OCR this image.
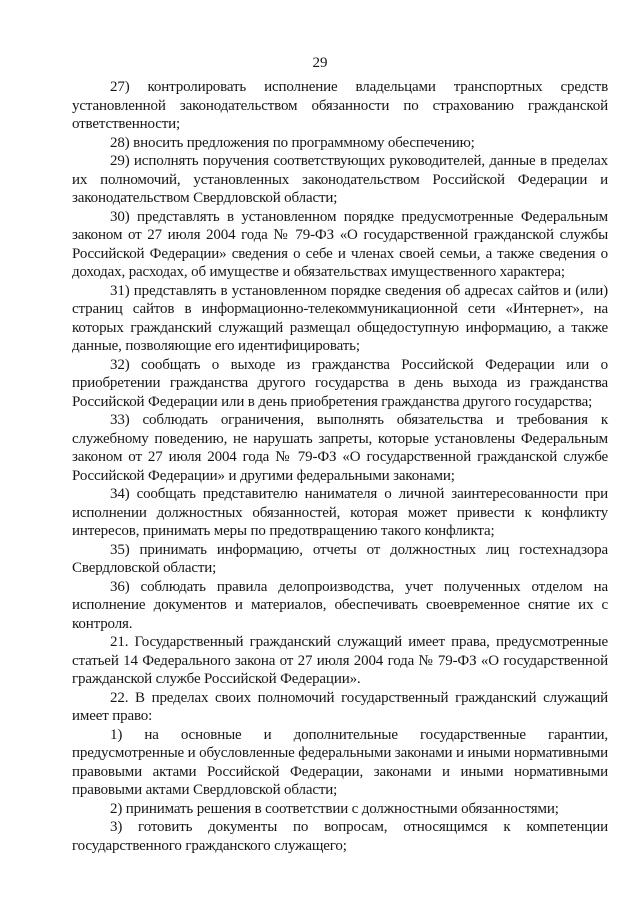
29

27) контролировать исполнение владельцами транспортных средств установленной законодательством обязанности по страхованию гражданской ответственности;

28) вносить предложения по программному обеспечению;

29) исполнять поручения соответствующих руководителей, данные в пределах их полномочий, установленных законодательством Российской Федерации и законодательством Свердловской области;

30) представлять в установленном порядке предусмотренные Федеральным законом от 27 июля 2004 года № 79-ФЗ «О государственной гражданской службы Российской Федерации» сведения о себе и членах своей семьи, а также сведения о доходах, расходах, об имуществе и обязательствах имущественного характера;

31) представлять в установленном порядке сведения об адресах сайтов и (или) страниц сайтов в информационно-телекоммуникационной сети «Интернет», на которых гражданский служащий размещал общедоступную информацию, а также данные, позволяющие его идентифицировать;

32) сообщать о выходе из гражданства Российской Федерации или о приобретении гражданства другого государства в день выхода из гражданства Российской Федерации или в день приобретения гражданства другого государства;

33) соблюдать ограничения, выполнять обязательства и требования к служебному поведению, не нарушать запреты, которые установлены Федеральным законом от 27 июля 2004 года № 79-ФЗ «О государственной гражданской службе Российской Федерации» и другими федеральными законами;

34) сообщать представителю нанимателя о личной заинтересованности при исполнении должностных обязанностей, которая может привести к конфликту интересов, принимать меры по предотвращению такого конфликта;

35) принимать информацию, отчеты от должностных лиц гостехнадзора Свердловской области;

36) соблюдать правила делопроизводства, учет полученных отделом на исполнение документов и материалов, обеспечивать своевременное снятие их с контроля.

21. Государственный гражданский служащий имеет права, предусмотренные статьей 14 Федерального закона от 27 июля 2004 года № 79-ФЗ «О государственной гражданской службе Российской Федерации».

22. В пределах своих полномочий государственный гражданский служащий имеет право:

1) на основные и дополнительные государственные гарантии, предусмотренные и обусловленные федеральными законами и иными нормативными правовыми актами Российской Федерации, законами и иными нормативными правовыми актами Свердловской области;

2) принимать решения в соответствии с должностными обязанностями;

3) готовить документы по вопросам, относящимся к компетенции государственного гражданского служащего;
